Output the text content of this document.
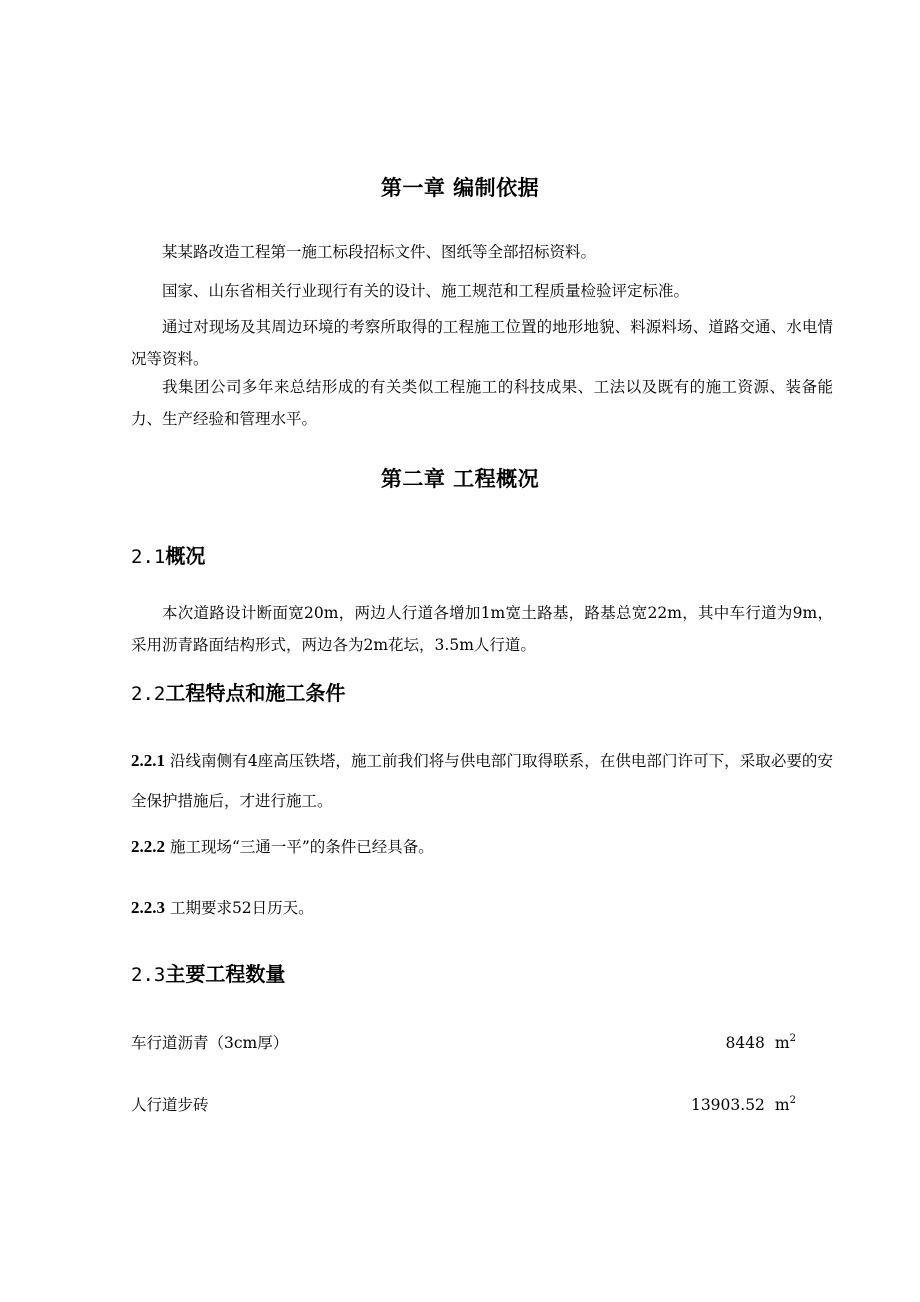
第一章 编制依据

某某路改造工程第一施工标段招标文件、图纸等全部招标资料。

国家、山东省相关行业现行有关的设计、施工规范和工程质量检验评定标准。

通过对现场及其周边环境的考察所取得的工程施工位置的地形地貌、料源料场、道路交通、水电情况等资料。

我集团公司多年来总结形成的有关类似工程施工的科技成果、工法以及既有的施工资源、装备能力、生产经验和管理水平。

第二章 工程概况
2.1概况

本次道路设计断面宽20m，两边人行道各增加1m宽土路基，路基总宽22m，其中车行道为9m，采用沥青路面结构形式，两边各为2m花坛，3.5m人行道。

2.2工程特点和施工条件

2.2.1 沿线南侧有4座高压铁塔，施工前我们将与供电部门取得联系，在供电部门许可下，采取必要的安全保护措施后，才进行施工。

2.2.2 施工现场“三通一平”的条件已经具备。

2.2.3 工期要求52日历天。

2.3主要工程数量
车行道沥青（3cm厚）	8448 $m^2$
人行道步砖	13903.52 $m^2$
